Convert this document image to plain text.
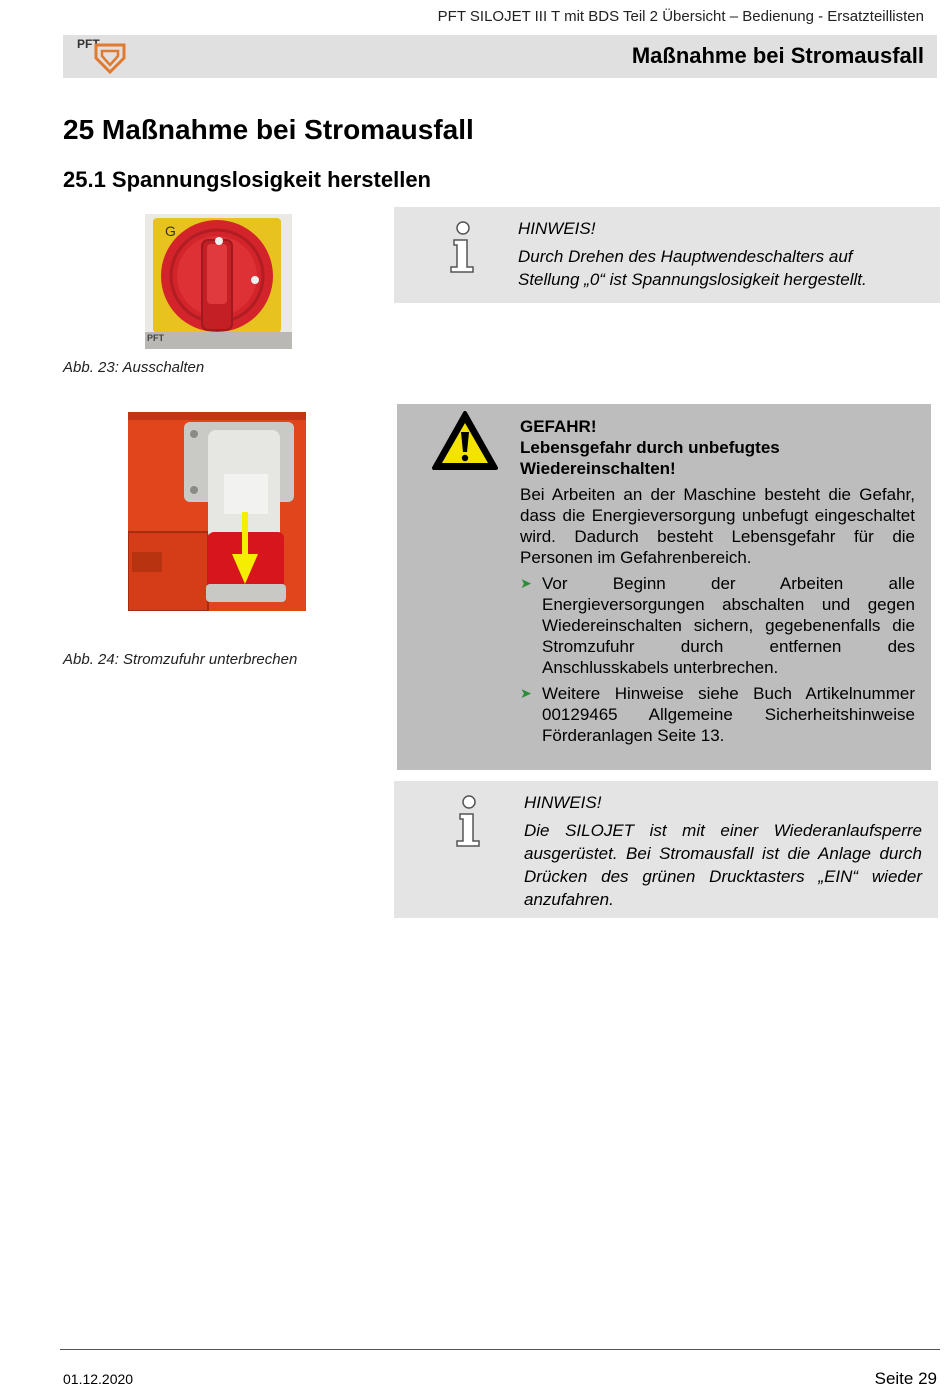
PFT SILOJET III T mit BDS Teil 2 Übersicht – Bedienung - Ersatzteillisten
PFT	Maßnahme bei Stromausfall
25 Maßnahme bei Stromausfall
25.1 Spannungslosigkeit herstellen
G
PFT
Abb. 23: Ausschalten
Abb. 24: Stromzufuhr unterbrechen
HINWEIS!
Durch Drehen des Hauptwendeschalters auf Stellung „0“ ist Spannungslosigkeit hergestellt.
GEFAHR!
Lebensgefahr durch unbefugtes Wiedereinschalten!
Bei Arbeiten an der Maschine besteht die Gefahr, dass die Energieversorgung unbefugt eingeschaltet wird. Dadurch besteht Lebensgefahr für die Personen im Gefahrenbereich.
➤ Vor Beginn der Arbeiten alle Energieversorgungen abschalten und gegen Wiedereinschalten sichern, gegebenenfalls die Stromzufuhr durch entfernen des Anschlusskabels unterbrechen.
➤ Weitere Hinweise siehe Buch Artikelnummer 00129465 Allgemeine Sicherheitshinweise Förderanlagen Seite 13.
HINWEIS!
Die SILOJET ist mit einer Wiederanlaufsperre ausgerüstet. Bei Stromausfall ist die Anlage durch Drücken des grünen Drucktasters „EIN“ wieder anzufahren.
01.12.2020	Seite 29
